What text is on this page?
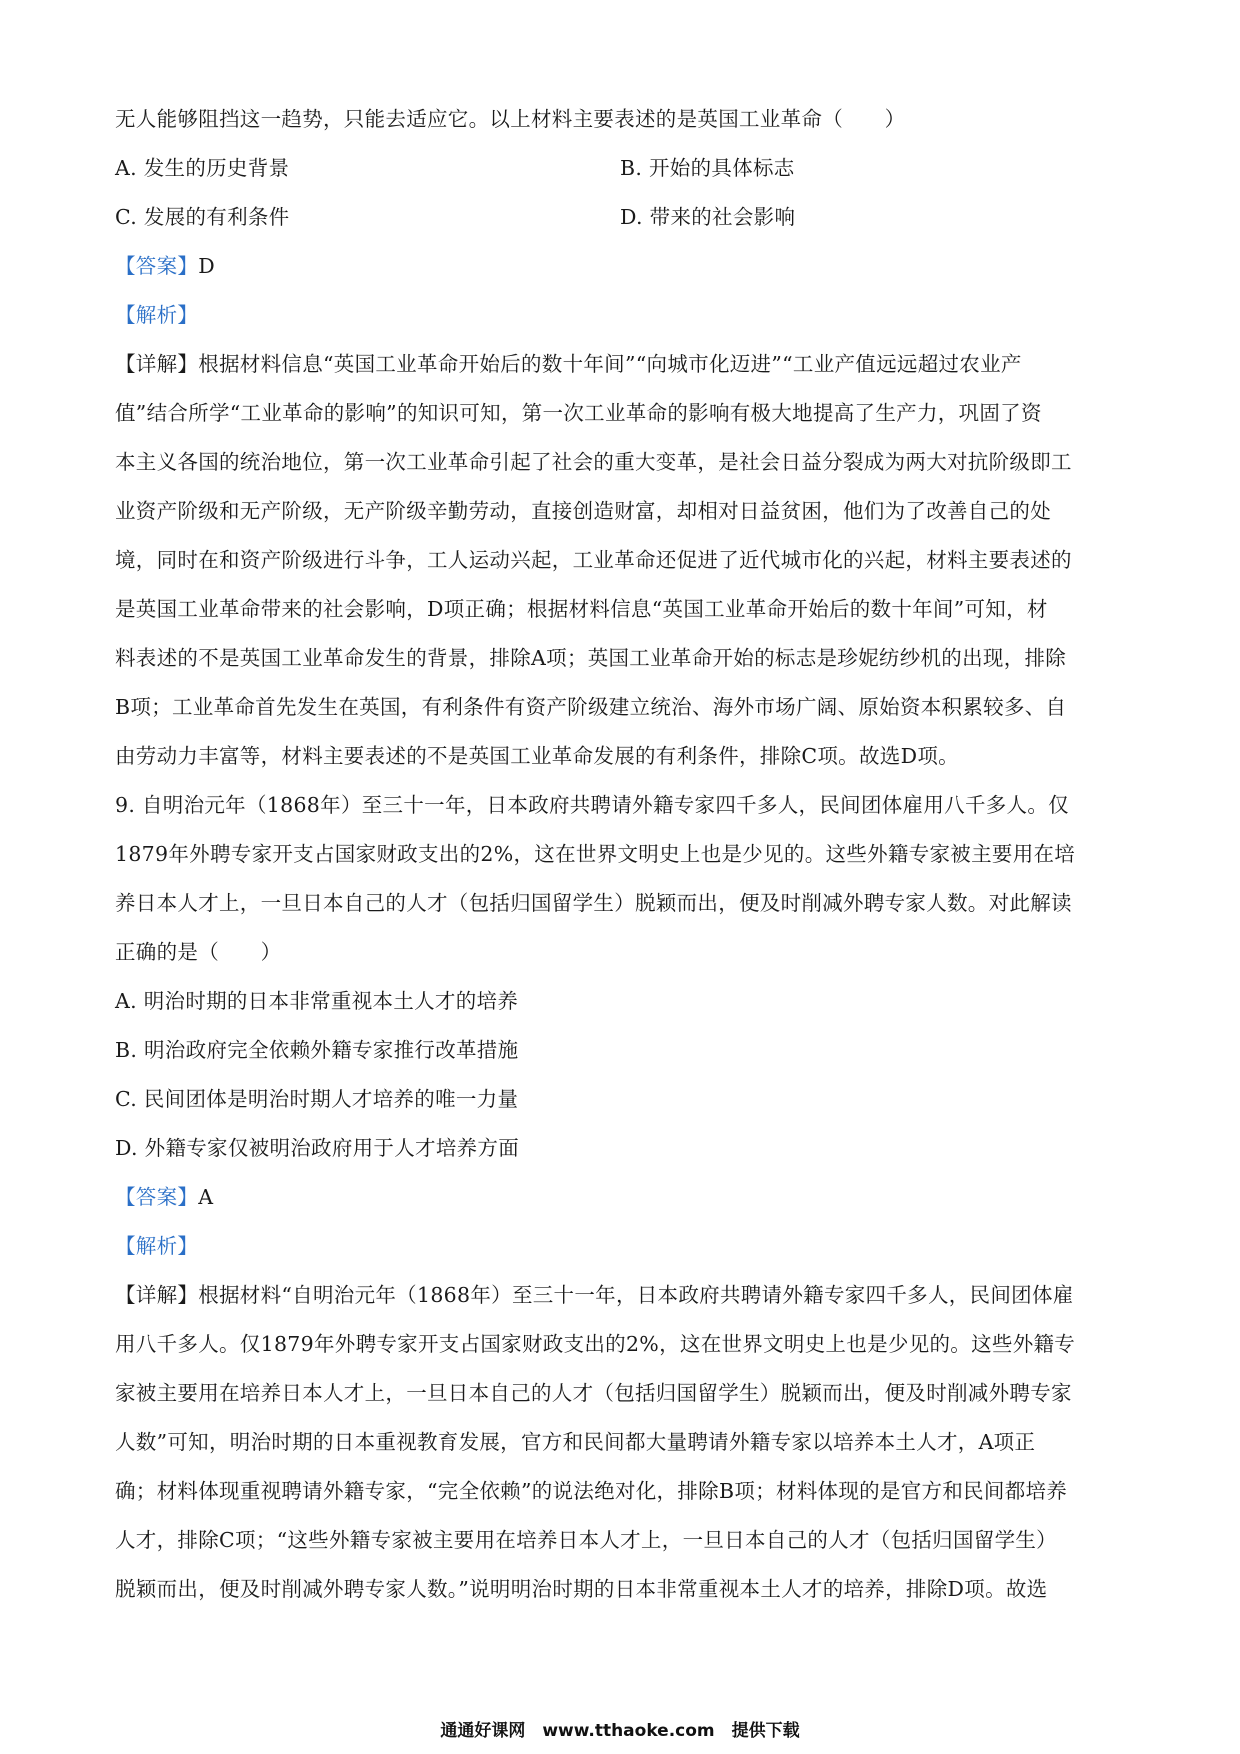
无人能够阻挡这一趋势，只能去适应它。以上材料主要表述的是英国工业革命（　　）
A. 发生的历史背景	B. 开始的具体标志
C. 发展的有利条件	D. 带来的社会影响
【答案】D
【解析】
【详解】根据材料信息“英国工业革命开始后的数十年间”“向城市化迈进”“工业产值远远超过农业产
值”结合所学“工业革命的影响”的知识可知，第一次工业革命的影响有极大地提高了生产力，巩固了资
本主义各国的统治地位，第一次工业革命引起了社会的重大变革，是社会日益分裂成为两大对抗阶级即工
业资产阶级和无产阶级，无产阶级辛勤劳动，直接创造财富，却相对日益贫困，他们为了改善自己的处
境，同时在和资产阶级进行斗争，工人运动兴起，工业革命还促进了近代城市化的兴起，材料主要表述的
是英国工业革命带来的社会影响，D项正确；根据材料信息“英国工业革命开始后的数十年间”可知，材
料表述的不是英国工业革命发生的背景，排除A项；英国工业革命开始的标志是珍妮纺纱机的出现，排除
B项；工业革命首先发生在英国，有利条件有资产阶级建立统治、海外市场广阔、原始资本积累较多、自
由劳动力丰富等，材料主要表述的不是英国工业革命发展的有利条件，排除C项。故选D项。
9. 自明治元年（1868年）至三十一年，日本政府共聘请外籍专家四千多人，民间团体雇用八千多人。仅
1879年外聘专家开支占国家财政支出的2%，这在世界文明史上也是少见的。这些外籍专家被主要用在培
养日本人才上，一旦日本自己的人才（包括归国留学生）脱颖而出，便及时削减外聘专家人数。对此解读
正确的是（　　）
A. 明治时期的日本非常重视本土人才的培养
B. 明治政府完全依赖外籍专家推行改革措施
C. 民间团体是明治时期人才培养的唯一力量
D. 外籍专家仅被明治政府用于人才培养方面
【答案】A
【解析】
【详解】根据材料“自明治元年（1868年）至三十一年，日本政府共聘请外籍专家四千多人，民间团体雇
用八千多人。仅1879年外聘专家开支占国家财政支出的2%，这在世界文明史上也是少见的。这些外籍专
家被主要用在培养日本人才上，一旦日本自己的人才（包括归国留学生）脱颖而出，便及时削减外聘专家
人数”可知，明治时期的日本重视教育发展，官方和民间都大量聘请外籍专家以培养本土人才，A项正
确；材料体现重视聘请外籍专家，“完全依赖”的说法绝对化，排除B项；材料体现的是官方和民间都培养
人才，排除C项；“这些外籍专家被主要用在培养日本人才上，一旦日本自己的人才（包括归国留学生）
脱颖而出，便及时削减外聘专家人数。”说明明治时期的日本非常重视本土人才的培养，排除D项。故选
通通好课网　www.tthaoke.com　提供下载
